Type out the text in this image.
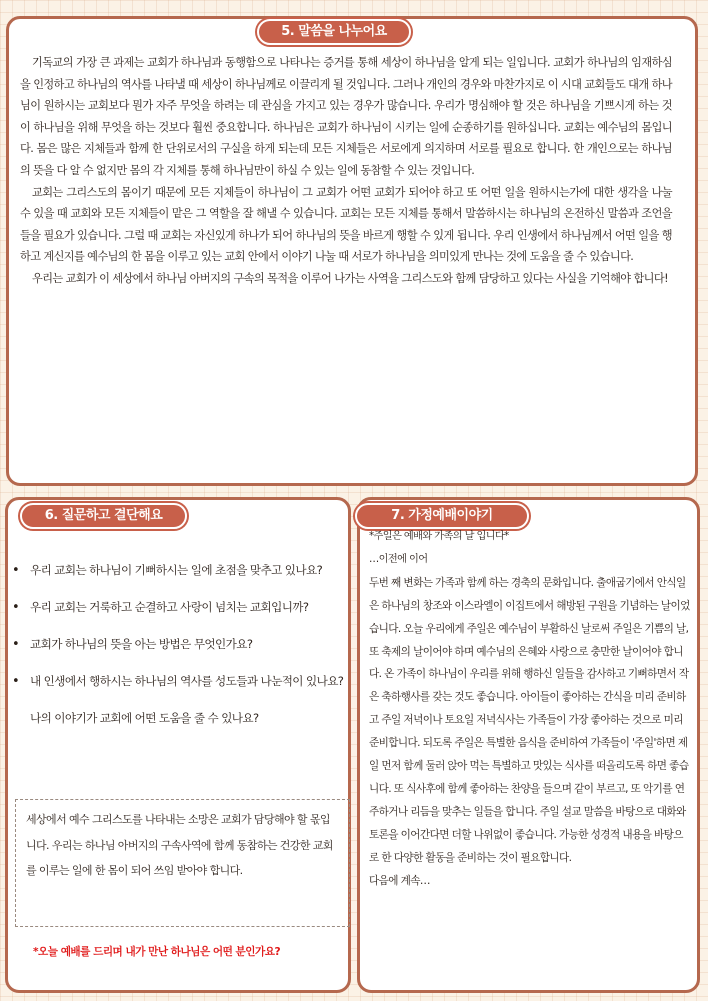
5. 말씀을 나누어요

기독교의 가장 큰 과제는 교회가 하나님과 동행함으로 나타나는 증거를 통해 세상이 하나님을 알게 되는 일입니다. 교회가 하나님의 임재하심을 인정하고 하나님의 역사를 나타낼 때 세상이 하나님께로 이끌리게 될 것입니다. 그러나 개인의 경우와 마찬가지로 이 시대 교회들도 대개 하나님이 원하시는 교회보다 뭔가 자주 무엇을 하려는 데 관심을 가지고 있는 경우가 많습니다. 우리가 명심해야 할 것은 하나님을 기쁘시게 하는 것이 하나님을 위해 무엇을 하는 것보다 훨씬 중요합니다. 하나님은 교회가 하나님이 시키는 일에 순종하기를 원하십니다. 교회는 예수님의 몸입니다. 몸은 많은 지체들과 함께 한 단위로서의 구실을 하게 되는데 모든 지체들은 서로에게 의지하며 서로를 필요로 합니다. 한 개인으로는 하나님의 뜻을 다 알 수 없지만 몸의 각 지체를 통해 하나님만이 하실 수 있는 일에 동참할 수 있는 것입니다.

교회는 그리스도의 몸이기 때문에 모든 지체들이 하나님이 그 교회가 어떤 교회가 되어야 하고 또 어떤 일을 원하시는가에 대한 생각을 나눌 수 있을 때 교회와 모든 지체들이 맡은 그 역할을 잘 해낼 수 있습니다. 교회는 모든 지체를 통해서 말씀하시는 하나님의 온전하신 말씀과 조언을 들을 필요가 있습니다. 그럴 때 교회는 자신있게 하나가 되어 하나님의 뜻을 바르게 행할 수 있게 됩니다. 우리 인생에서 하나님께서 어떤 일을 행하고 계신지를 예수님의 한 몸을 이루고 있는 교회 안에서 이야기 나눌 때 서로가 하나님을 의미있게 만나는 것에 도움을 줄 수 있습니다.

우리는 교회가 이 세상에서 하나님 아버지의 구속의 목적을 이루어 나가는 사역을 그리스도와 함께 담당하고 있다는 사실을 기억해야 합니다!

6. 질문하고 결단해요
• 우리 교회는 하나님이 기뻐하시는 일에 초점을 맞추고 있나요?
• 우리 교회는 거룩하고 순결하고 사랑이 넘치는 교회입니까?
• 교회가 하나님의 뜻을 아는 방법은 무엇인가요?
• 내 인생에서 행하시는 하나님의 역사를 성도들과 나눈적이 있나요? 나의 이야기가 교회에 어떤 도움을 줄 수 있나요?
세상에서 예수 그리스도를 나타내는 소망은 교회가 담당해야 할 몫입니다. 우리는 하나님 아버지의 구속사역에 함께 동참하는 건강한 교회를 이루는 일에 한 몸이 되어 쓰임 받아야 합니다.
*오늘 예배를 드리며 내가 만난 하나님은 어떤 분인가요?
7. 가정예배이야기

*주일은 예배와 가족의 날 입니다*

…이전에 이어

두번 째 변화는 가족과 함께 하는 경축의 문화입니다. 출애굽기에서 안식일은 하나님의 창조와 이스라엘이 이집트에서 해방된 구원을 기념하는 날이었습니다. 오늘 우리에게 주일은 예수님이 부활하신 날로써 주일은 기쁨의 날, 또 축제의 날이어야 하며 예수님의 은혜와 사랑으로 충만한 날이어야 합니다. 온 가족이 하나님이 우리를 위해 행하신 일들을 감사하고 기뻐하면서 작은 축하행사를 갖는 것도 좋습니다. 아이들이 좋아하는 간식을 미리 준비하고 주일 저녁이나 토요일 저녁식사는 가족들이 가장 좋아하는 것으로 미리 준비합니다. 되도록 주일은 특별한 음식을 준비하여 가족들이 '주일'하면 제일 먼저 함께 둘러 앉아 먹는 특별하고 맛있는 식사를 떠올리도록 하면 좋습니다. 또 식사후에 함께 좋아하는 찬양을 들으며 같이 부르고, 또 악기를 연주하거나 리듬을 맞추는 일들을 합니다. 주일 설교 말씀을 바탕으로 대화와 토론을 이어간다면 더할 나위없이 좋습니다. 가능한 성경적 내용을 바탕으로 한 다양한 활동을 준비하는 것이 필요합니다.

다음에 계속…
